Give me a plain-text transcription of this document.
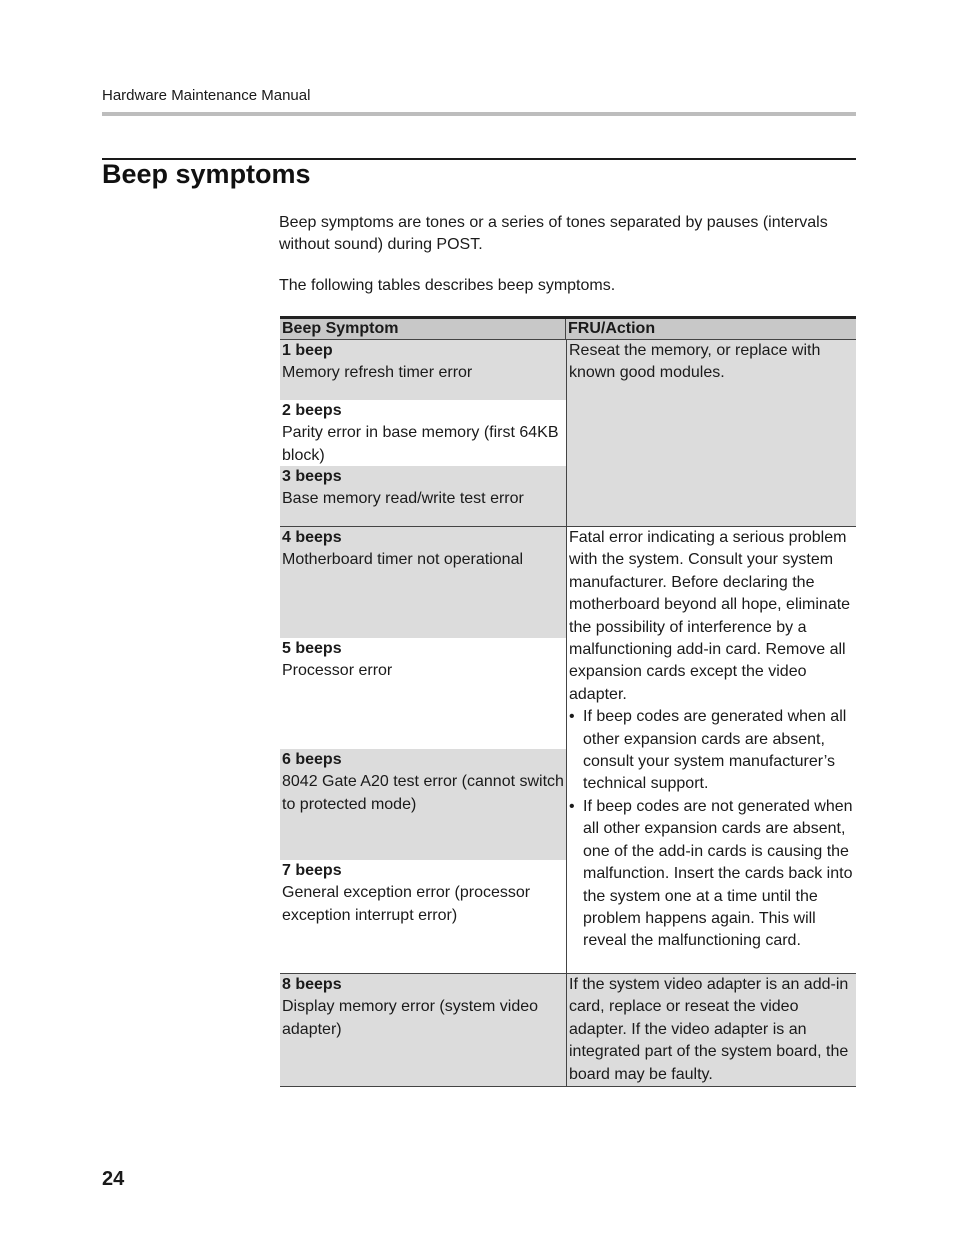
Hardware Maintenance Manual
Beep symptoms

Beep symptoms are tones or a series of tones separated by pauses (intervals without sound) during POST.

The following tables describes beep symptoms.

Beep Symptom	FRU/Action
1 beep
Memory refresh timer error
2 beeps
Parity error in base memory (first 64KB block)
3 beeps
Base memory read/write test error
Reseat the memory, or replace with known good modules.
4 beeps
Motherboard timer not operational
5 beeps
Processor error
6 beeps
8042 Gate A20 test error (cannot switch to protected mode)
7 beeps
General exception error (processor exception interrupt error)
Fatal error indicating a serious problem with the system. Consult your system manufacturer. Before declaring the motherboard beyond all hope, eliminate the possibility of interference by a malfunctioning add-in card. Remove all expansion cards except the video adapter.
• If beep codes are generated when all other expansion cards are absent, consult your system manufacturer’s technical support.
• If beep codes are not generated when all other expansion cards are absent, one of the add-in cards is causing the malfunction. Insert the cards back into the system one at a time until the problem happens again. This will reveal the malfunctioning card.
8 beeps
Display memory error (system video adapter)
If the system video adapter is an add-in card, replace or reseat the video adapter. If the video adapter is an integrated part of the system board, the board may be faulty.
24
